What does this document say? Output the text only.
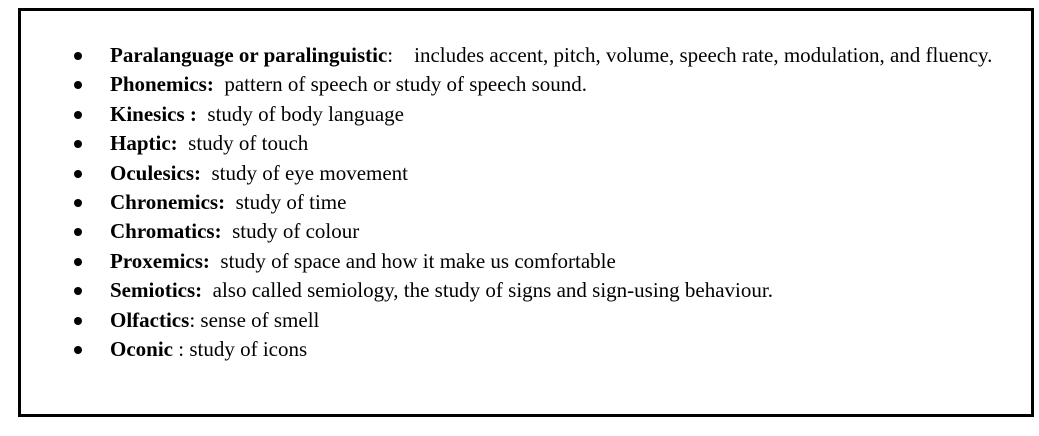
Paralanguage or paralinguistic: includes accent, pitch, volume, speech rate, modulation, and fluency.
Phonemics: pattern of speech or study of speech sound.
Kinesics : study of body language
Haptic: study of touch
Oculesics: study of eye movement
Chronemics: study of time
Chromatics: study of colour
Proxemics: study of space and how it make us comfortable
Semiotics: also called semiology, the study of signs and sign-using behaviour.
Olfactics: sense of smell
Oconic : study of icons
